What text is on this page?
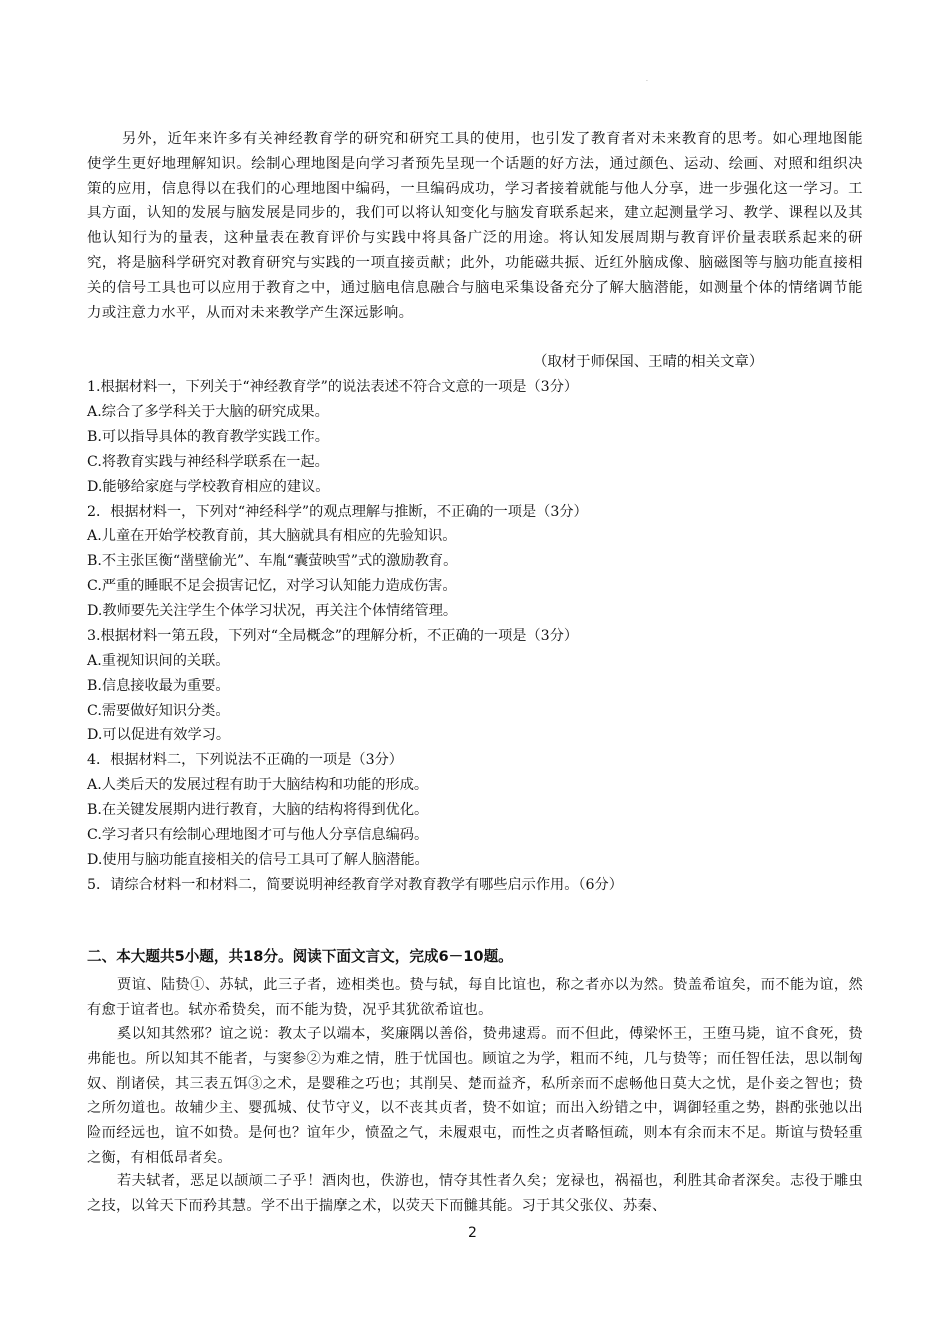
.
另外，近年来许多有关神经教育学的研究和研究工具的使用，也引发了教育者对未来教育的思考。如心理地图能使学生更好地理解知识。绘制心理地图是向学习者预先呈现一个话题的好方法，通过颜色、运动、绘画、对照和组织决策的应用，信息得以在我们的心理地图中编码，一旦编码成功，学习者接着就能与他人分享，进一步强化这一学习。工具方面，认知的发展与脑发展是同步的，我们可以将认知变化与脑发育联系起来，建立起测量学习、教学、课程以及其他认知行为的量表，这种量表在教育评价与实践中将具备广泛的用途。将认知发展周期与教育评价量表联系起来的研究，将是脑科学研究对教育研究与实践的一项直接贡献；此外，功能磁共振、近红外脑成像、脑磁图等与脑功能直接相关的信号工具也可以应用于教育之中，通过脑电信息融合与脑电采集设备充分了解大脑潜能，如测量个体的情绪调节能力或注意力水平，从而对未来教学产生深远影响。
（取材于师保国、王晴的相关文章）
1.根据材料一，下列关于“神经教育学”的说法表述不符合文意的一项是（3分）
A.综合了多学科关于大脑的研究成果。
B.可以指导具体的教育教学实践工作。
C.将教育实践与神经科学联系在一起。
D.能够给家庭与学校教育相应的建议。
2．根据材料一，下列对“神经科学”的观点理解与推断，不正确的一项是（3分）
A.儿童在开始学校教育前，其大脑就具有相应的先验知识。
B.不主张匡衡“凿壁偷光”、车胤“囊萤映雪”式的激励教育。
C.严重的睡眠不足会损害记忆，对学习认知能力造成伤害。
D.教师要先关注学生个体学习状况，再关注个体情绪管理。
3.根据材料一第五段，下列对“全局概念”的理解分析，不正确的一项是（3分）
A.重视知识间的关联。
B.信息接收最为重要。
C.需要做好知识分类。
D.可以促进有效学习。
4．根据材料二，下列说法不正确的一项是（3分）
A.人类后天的发展过程有助于大脑结构和功能的形成。
B.在关键发展期内进行教育，大脑的结构将得到优化。
C.学习者只有绘制心理地图才可与他人分享信息编码。
D.使用与脑功能直接相关的信号工具可了解人脑潜能。
5．请综合材料一和材料二，简要说明神经教育学对教育教学有哪些启示作用。（6分）
二、本大题共5小题，共18分。阅读下面文言文，完成6－10题。
贾谊、陆贽①、苏轼，此三子者，迹相类也。贽与轼，每自比谊也，称之者亦以为然。贽盖希谊矣，而不能为谊，然有愈于谊者也。轼亦希贽矣，而不能为贽，况乎其犹欲希谊也。
奚以知其然邪？谊之说：教太子以端本，奖廉隅以善俗，贽弗逮焉。而不但此，傅梁怀王，王堕马毙，谊不食死，贽弗能也。所以知其不能者，与窦参②为难之情，胜于忧国也。顾谊之为学，粗而不纯，几与贽等；而任智任法，思以制匈奴、削诸侯，其三表五饵③之术，是婴稚之巧也；其削吴、楚而益齐，私所亲而不虑畅他日莫大之忧，是仆妾之智也；贽之所勿道也。故辅少主、婴孤城、仗节守义，以不丧其贞者，贽不如谊；而出入纷错之中，调御轻重之势，斟酌张弛以出险而经远也，谊不如贽。是何也？谊年少，愤盈之气，未履艰屯，而性之贞者略恒疏，则本有余而末不足。斯谊与贽轻重之衡，有相低昂者矣。
若夫轼者，恶足以颉颃二子乎！酒肉也，佚游也，情夺其性者久矣；宠禄也，祸福也，利胜其命者深矣。志役于雕虫之技，以耸天下而矜其慧。学不出于揣摩之术，以荧天下而雠其能。习于其父张仪、苏秦、
2
